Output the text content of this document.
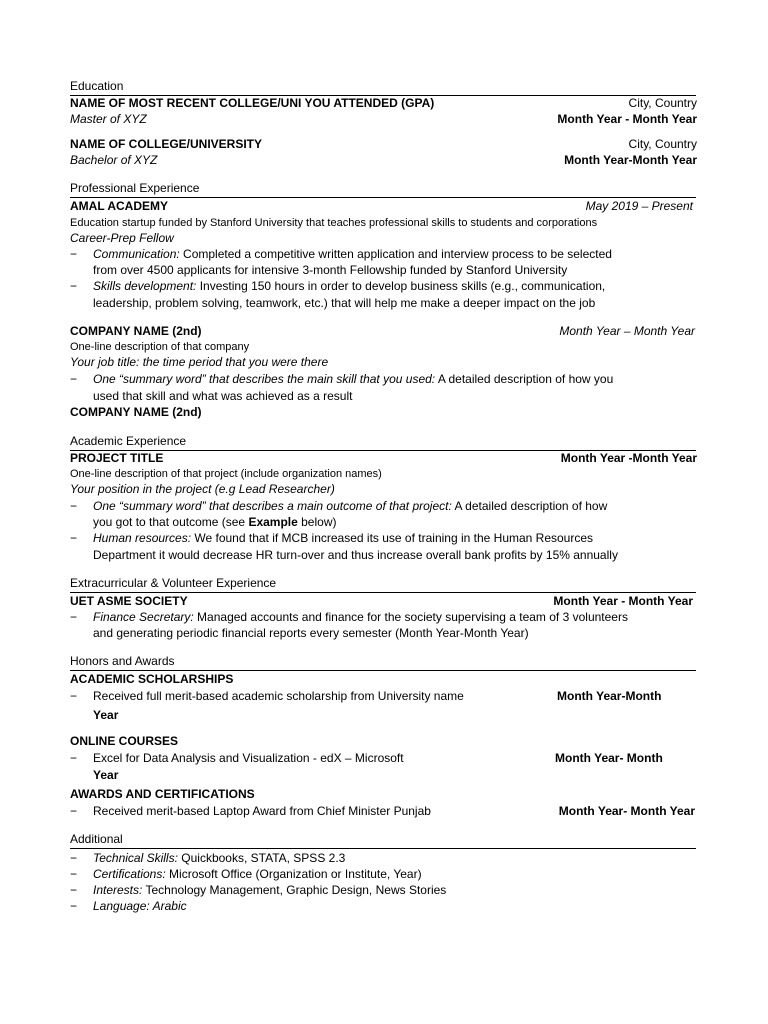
Education
NAME OF MOST RECENT COLLEGE/UNI YOU ATTENDED (GPA)	City, Country
Master of XYZ	Month Year - Month Year
NAME OF COLLEGE/UNIVERSITY	City, Country
Bachelor of XYZ	Month Year-Month Year
Professional Experience
AMAL ACADEMY	May 2019 – Present
Education startup funded by Stanford University that teaches professional skills to students and corporations
Career-Prep Fellow
− Communication: Completed a competitive written application and interview process to be selected
from over 4500 applicants for intensive 3-month Fellowship funded by Stanford University
− Skills development: Investing 150 hours in order to develop business skills (e.g., communication,
leadership, problem solving, teamwork, etc.) that will help me make a deeper impact on the job
COMPANY NAME (2nd)	Month Year – Month Year
One-line description of that company
Your job title: the time period that you were there
− One “summary word” that describes the main skill that you used: A detailed description of how you
used that skill and what was achieved as a result
COMPANY NAME (2nd)
Academic Experience
PROJECT TITLE	Month Year -Month Year
One-line description of that project (include organization names)
Your position in the project (e.g Lead Researcher)
− One “summary word” that describes a main outcome of that project: A detailed description of how
you got to that outcome (see Example below)
− Human resources: We found that if MCB increased its use of training in the Human Resources
Department it would decrease HR turn-over and thus increase overall bank profits by 15% annually
Extracurricular & Volunteer Experience
UET ASME SOCIETY	Month Year - Month Year
− Finance Secretary: Managed accounts and finance for the society supervising a team of 3 volunteers
and generating periodic financial reports every semester (Month Year-Month Year)
Honors and Awards
ACADEMIC SCHOLARSHIPS
− Received full merit-based academic scholarship from University name	Month Year-Month
Year
ONLINE COURSES
− Excel for Data Analysis and Visualization - edX – Microsoft	Month Year- Month
Year
AWARDS AND CERTIFICATIONS
− Received merit-based Laptop Award from Chief Minister Punjab	Month Year- Month Year
Additional
− Technical Skills: Quickbooks, STATA, SPSS 2.3
− Certifications: Microsoft Office (Organization or Institute, Year)
− Interests: Technology Management, Graphic Design, News Stories
− Language: Arabic
